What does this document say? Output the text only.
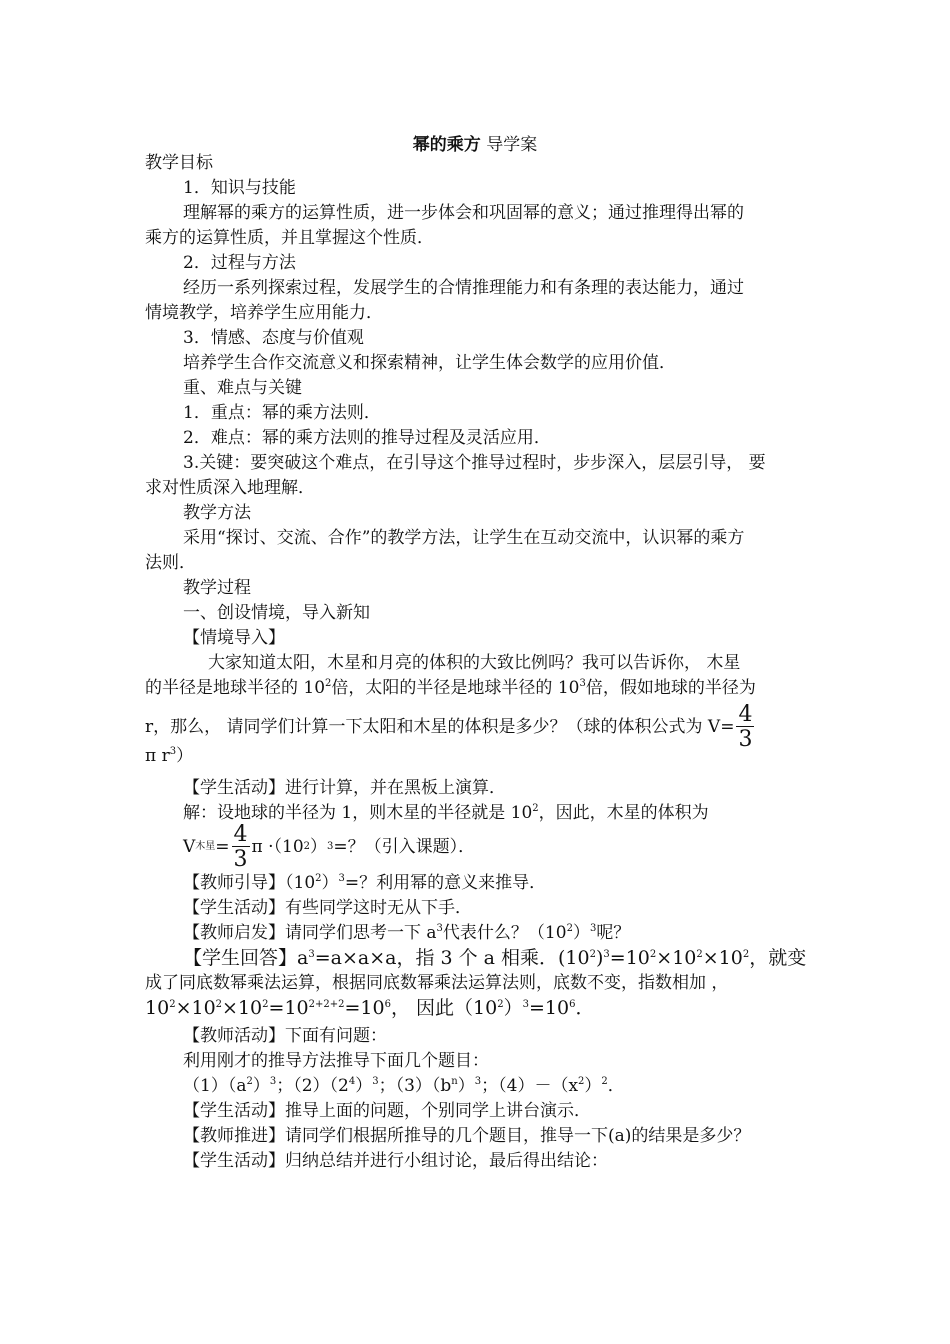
幂的乘方 导学案
教学目标
1．知识与技能
理解幂的乘方的运算性质，进一步体会和巩固幂的意义；通过推理得出幂的
乘方的运算性质，并且掌握这个性质．
2．过程与方法
经历一系列探索过程，发展学生的合情推理能力和有条理的表达能力，通过
情境教学，培养学生应用能力．
3．情感、态度与价值观
培养学生合作交流意义和探索精神，让学生体会数学的应用价值．
重、难点与关键
1．重点：幂的乘方法则．
2．难点：幂的乘方法则的推导过程及灵活应用．
3.关键：要突破这个难点，在引导这个推导过程时，步步深入，层层引导， 要
求对性质深入地理解．
教学方法
采用“探讨、交流、合作”的教学方法，让学生在互动交流中，认识幂的乘方
法则．
教学过程
一、创设情境，导入新知
【情境导入】
大家知道太阳，木星和月亮的体积的大致比例吗？我可以告诉你， 木星
的半径是地球半径的 $10^2$倍，太阳的半径是地球半径的 $10^3$倍，假如地球的半径为
r，那么， 请同学们计算一下太阳和木星的体积是多少？（球的体积公式为 $V= \frac{4}{3}$
π $r^3$）
【学生活动】进行计算，并在黑板上演算．
解：设地球的半径为 1，则木星的半径就是 $10^2$，因此，木星的体积为
V 木星 = $\frac{4}{3}$ π ·（10 2 ） 3 =？（引入课题）．
【教师引导】$(10^2)^3=$？利用幂的意义来推导．
【学生活动】有些同学这时无从下手．
【教师启发】请同学们思考一下 $a^3$代表什么？$(10^2)^3$呢？
【学生回答】$a^3=a\times a\times a$，指 3 个 a 相乘．$(10^2)^3=10^2\times 10^2\times 10^2$，就变
成了同底数幂乘法运算，根据同底数幂乘法运算法则，底数不变，指数相加 ，
$10^2\times 10^2\times 10^2=10^{2+2+2}=10^6$， 因此$(10^2)^3=10^6$．
【教师活动】下面有问题：
利用刚才的推导方法推导下面几个题目：
$(1)(a^2)^3$；$(2)(2^4)^3$；$(3)(b^n)^3$；$(4)-(x^2)^2$．
【学生活动】推导上面的问题，个别同学上讲台演示．
【教师推进】请同学们根据所推导的几个题目，推导一下(a)的结果是多少？
【学生活动】归纳总结并进行小组讨论，最后得出结论：
